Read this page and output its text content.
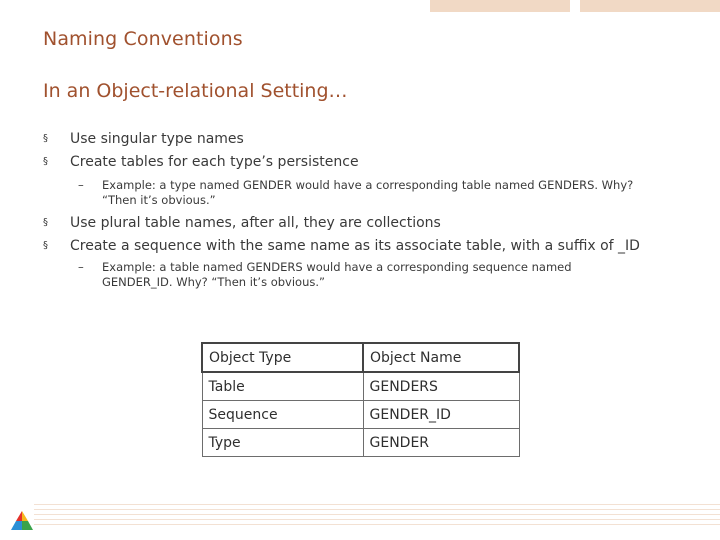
Naming Conventions
In an Object-relational Setting…
§	Use singular type names
§	Create tables for each type’s persistence
– Example: a type named GENDER would have a corresponding table named GENDERS. Why? “Then it’s obvious.”
§	Use plural table names, after all, they are collections
§	Create a sequence with the same name as its associate table, with a suffix of _ID
– Example: a table named GENDERS would have a corresponding sequence named GENDER_ID. Why? “Then it’s obvious.”
Object Type	Object Name
Table	GENDERS
Sequence	GENDER_ID
Type	GENDER
